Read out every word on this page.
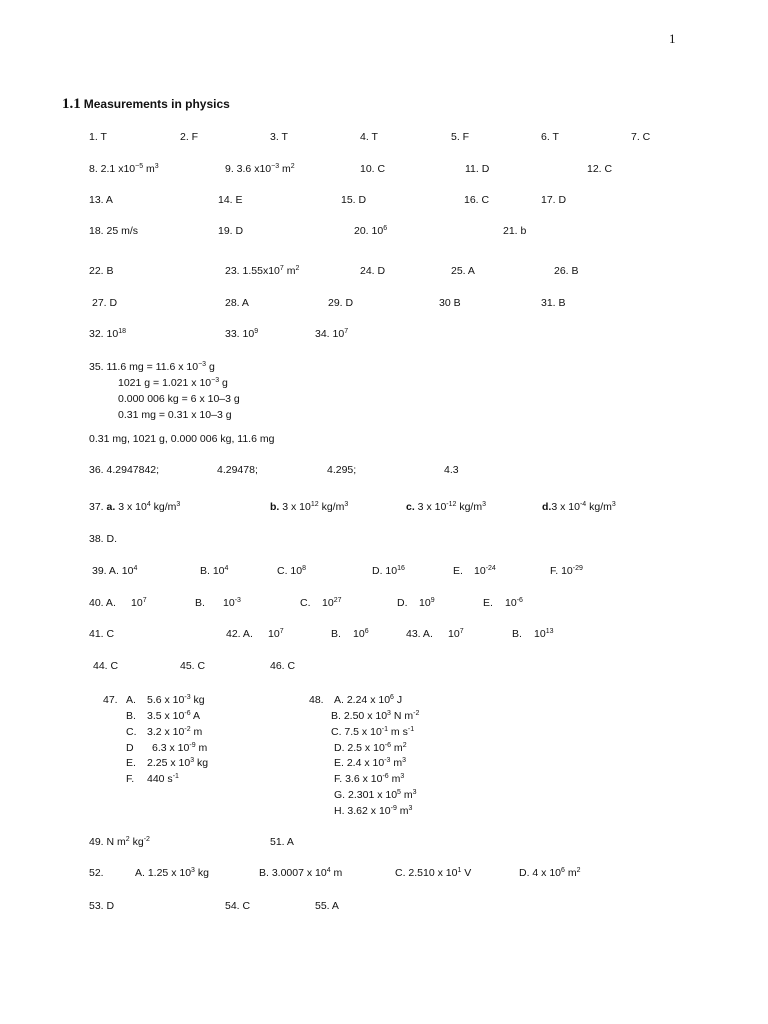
1
1.1 Measurements in physics
1. T	2. F	3. T	4. T	5. F	6. T	7. C
8. 2.1 $x10^{-5}$ $m^3$	9. 3.6 $x10^{-3}$ $m^2$	10. C	11. D	12. C
13. A	14. E	15. D	16. C	17. D
18. 25 m/s	19. D	20. $10^6$	21. b
22. B	23. $1.55x10^7$ $m^2$	24. D	25. A	26. B
27. D	28. A	29. D	30 B	31. B
32. $10^{18}$	33. $10^9$	34. $10^7$
35. 11.6 mg = 11.6 x $10^{-3}$ g
1021 g = 1.021 x $10^{-3}$ g
0.000 006 kg = 6 x 10–3 g
0.31 mg = 0.31 x 10–3 g
0.31 mg, 1021 g, 0.000 006 kg, 11.6 mg
36. 4.2947842;	4.29478;	4.295;	4.3
37. a. 3 x $10^4$ $kg/m^3$	b. 3 x $10^{12}$ $kg/m^3$	c. 3 x $10^{-12}$ $kg/m^3$	d.3 x $10^{-4}$ $kg/m^3$
38. D.
39. A. $10^4$	B. $10^4$	C. $10^8$	D. $10^{16}$	E. $10^{-24}$	F. $10^{-29}$
40. A. $10^7$	B. $10^{-3}$	C. $10^{27}$	D. $10^9$	E. $10^{-6}$
41. C	42. A. $10^7$	B. $10^6$	43. A. $10^7$	B. $10^{13}$
44. C	45. C	46. C
47. A. 5.6 x $10^{-3}$ kg
B. 3.5 x $10^{-6}$ A
C. 3.2 x $10^{-2}$ m
D 6.3 x $10^{-9}$ m
E. 2.25 x $10^3$ kg
F. 440 $s^{-1}$
48. A. 2.24 x $10^6$ J
B. 2.50 x $10^3$ N $m^{-2}$
C. 7.5 x $10^{-1}$ m $s^{-1}$
D. 2.5 x $10^{-6}$ $m^2$
E. 2.4 x $10^{-3}$ $m^3$
F. 3.6 x $10^{-6}$ $m^3$
G. 2.301 x $10^5$ $m^3$
H. 3.62 x $10^{-9}$ $m^3$
49. N $m^2$ $kg^{-2}$	51. A
52.	A. 1.25 x $10^3$ kg	B. 3.0007 x $10^4$ m	C. 2.510 x $10^1$ V	D. 4 x $10^6$ $m^2$
53. D	54. C	55. A
